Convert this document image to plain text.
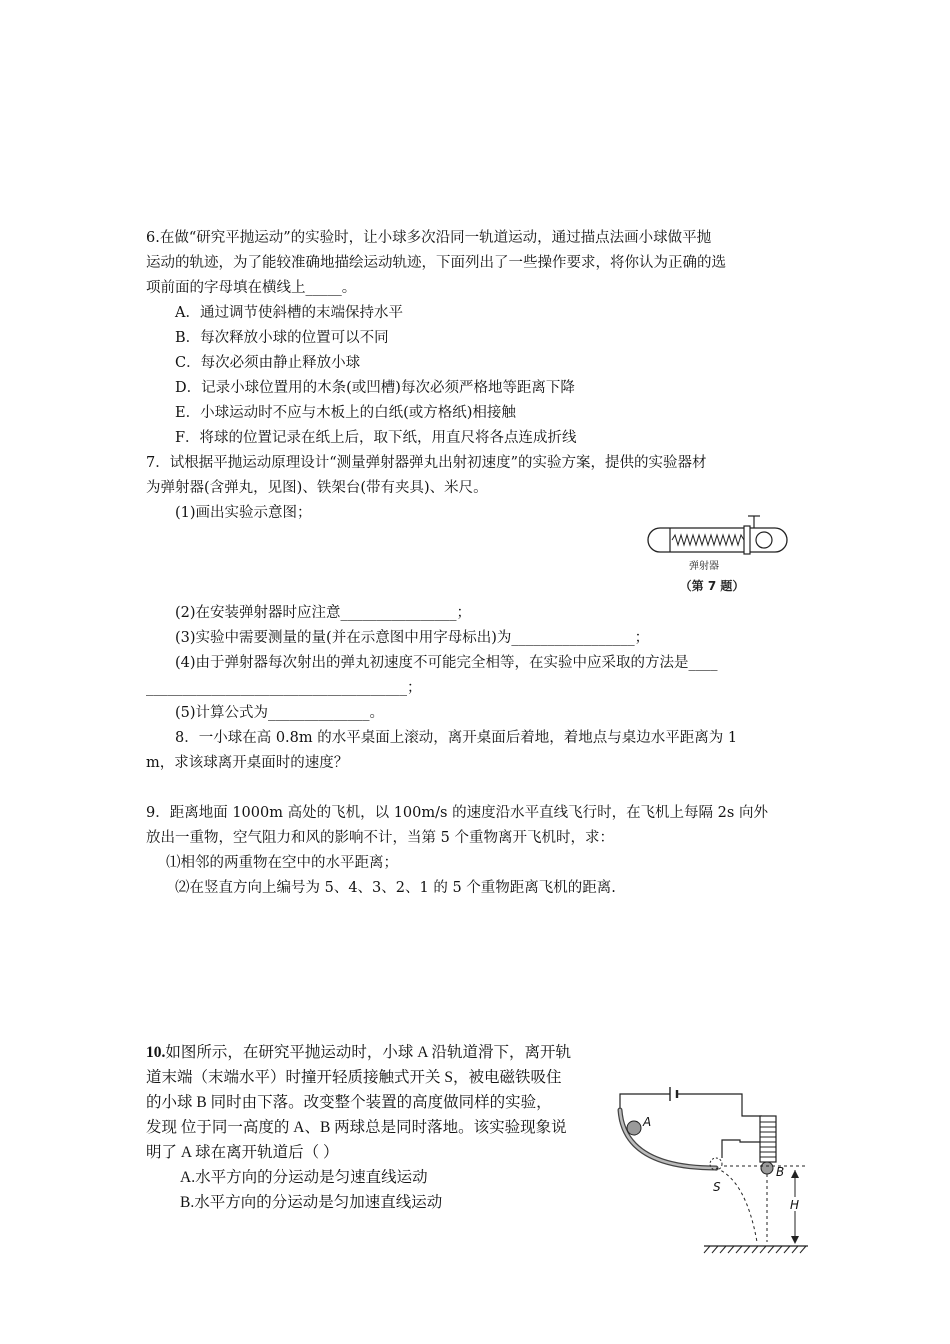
6.在做“研究平抛运动”的实验时，让小球多次沿同一轨道运动，通过描点法画小球做平抛
运动的轨迹，为了能较准确地描绘运动轨迹，下面列出了一些操作要求，将你认为正确的选
项前面的字母填在横线上_____。
A．通过调节使斜槽的末端保持水平
B．每次释放小球的位置可以不同
C．每次必须由静止释放小球
D．记录小球位置用的木条(或凹槽)每次必须严格地等距离下降
E．小球运动时不应与木板上的白纸(或方格纸)相接触
F．将球的位置记录在纸上后，取下纸，用直尺将各点连成折线
7．试根据平抛运动原理设计“测量弹射器弹丸出射初速度”的实验方案，提供的实验器材
为弹射器(含弹丸，见图)、铁架台(带有夹具)、米尺。
(1)画出实验示意图；
弹射器
（第 7 题）
(2)在安装弹射器时应注意________________；
(3)实验中需要测量的量(并在示意图中用字母标出)为_________________；
(4)由于弹射器每次射出的弹丸初速度不可能完全相等，在实验中应采取的方法是____
____________________________________；
(5)计算公式为______________。
8．一小球在高 0.8m 的水平桌面上滚动，离开桌面后着地，着地点与桌边水平距离为 1
m，求该球离开桌面时的速度？
9．距离地面 1000m 高处的飞机，以 100m/s 的速度沿水平直线飞行时，在飞机上每隔 2s 向外
放出一重物，空气阻力和风的影响不计，当第 5 个重物离开飞机时，求：
⑴相邻的两重物在空中的水平距离；
⑵在竖直方向上编号为 5、4、3、2、1 的 5 个重物距离飞机的距离.
10.如图所示，在研究平抛运动时，小球 A 沿轨道滑下，离开轨
道末端（末端水平）时撞开轻质接触式开关 S，被电磁铁吸住
的小球 B 同时由下落。改变整个装置的高度做同样的实验，
发现 位于同一高度的 A、B 两球总是同时落地。该实验现象说
明了 A 球在离开轨道后（ ）
A.水平方向的分运动是匀速直线运动
B.水平方向的分运动是匀加速直线运动
A
S
B
H
